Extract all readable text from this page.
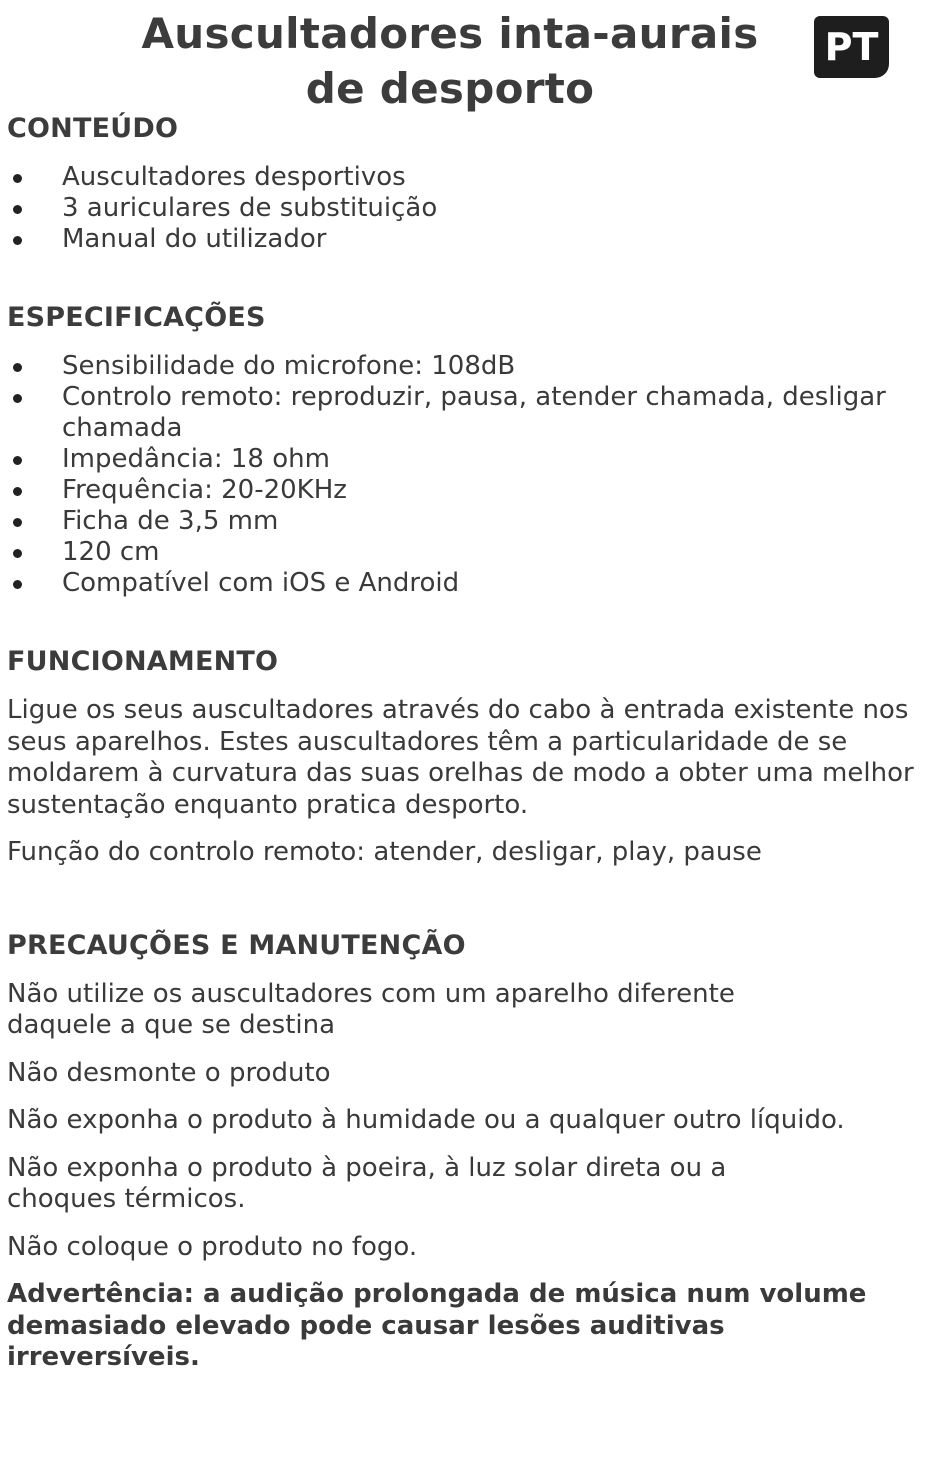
Auscultadores inta-aurais
de desporto
PT
CONTEÚDO
Auscultadores desportivos
3 auriculares de substituição
Manual do utilizador
ESPECIFICAÇÕES
Sensibilidade do microfone: 108dB
Controlo remoto: reproduzir, pausa, atender chamada, desligar chamada
Impedância: 18 ohm
Frequência: 20-20KHz
Ficha de 3,5 mm
120 cm
Compatível com iOS e Android
FUNCIONAMENTO

Ligue os seus auscultadores através do cabo à entrada existente nos seus aparelhos. Estes auscultadores têm a particularidade de se moldarem à curvatura das suas orelhas de modo a obter uma melhor sustentação enquanto pratica desporto.

Função do controlo remoto: atender, desligar, play, pause

PRECAUÇÕES E MANUTENÇÃO

Não utilize os auscultadores com um aparelho diferente daquele a que se destina

Não desmonte o produto

Não exponha o produto à humidade ou a qualquer outro líquido.

Não exponha o produto à poeira, à luz solar direta ou a choques térmicos.

Não coloque o produto no fogo.

Advertência: a audição prolongada de música num volume demasiado elevado pode causar lesões auditivas irreversíveis.
